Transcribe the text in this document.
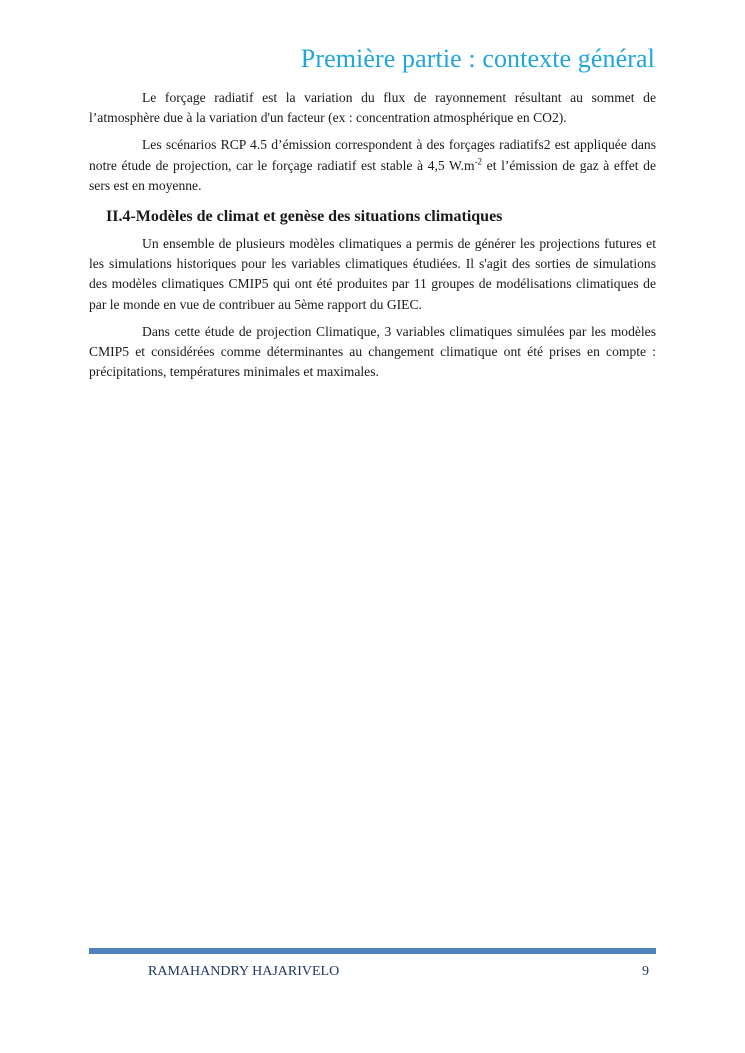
Première partie : contexte général

Le forçage radiatif est la variation du flux de rayonnement résultant au sommet de l’atmosphère due à la variation d'un facteur (ex : concentration atmosphérique en CO2).

Les scénarios RCP 4.5 d’émission correspondent à des forçages radiatifs2 est appliquée dans notre étude de projection, car le forçage radiatif est stable à 4,5 $W.m^{-2}$ et l’émission de gaz à effet de sers est en moyenne.

II.4-Modèles de climat et genèse des situations climatiques

Un ensemble de plusieurs modèles climatiques a permis de générer les projections futures et les simulations historiques pour les variables climatiques étudiées. Il s'agit des sorties de simulations des modèles climatiques CMIP5 qui ont été produites par 11 groupes de modélisations climatiques de par le monde en vue de contribuer au 5ème rapport du GIEC.

Dans cette étude de projection Climatique, 3 variables climatiques simulées par les modèles CMIP5 et considérées comme déterminantes au changement climatique ont été prises en compte : précipitations, températures minimales et maximales.

RAMAHANDRY HAJARIVELO	9
